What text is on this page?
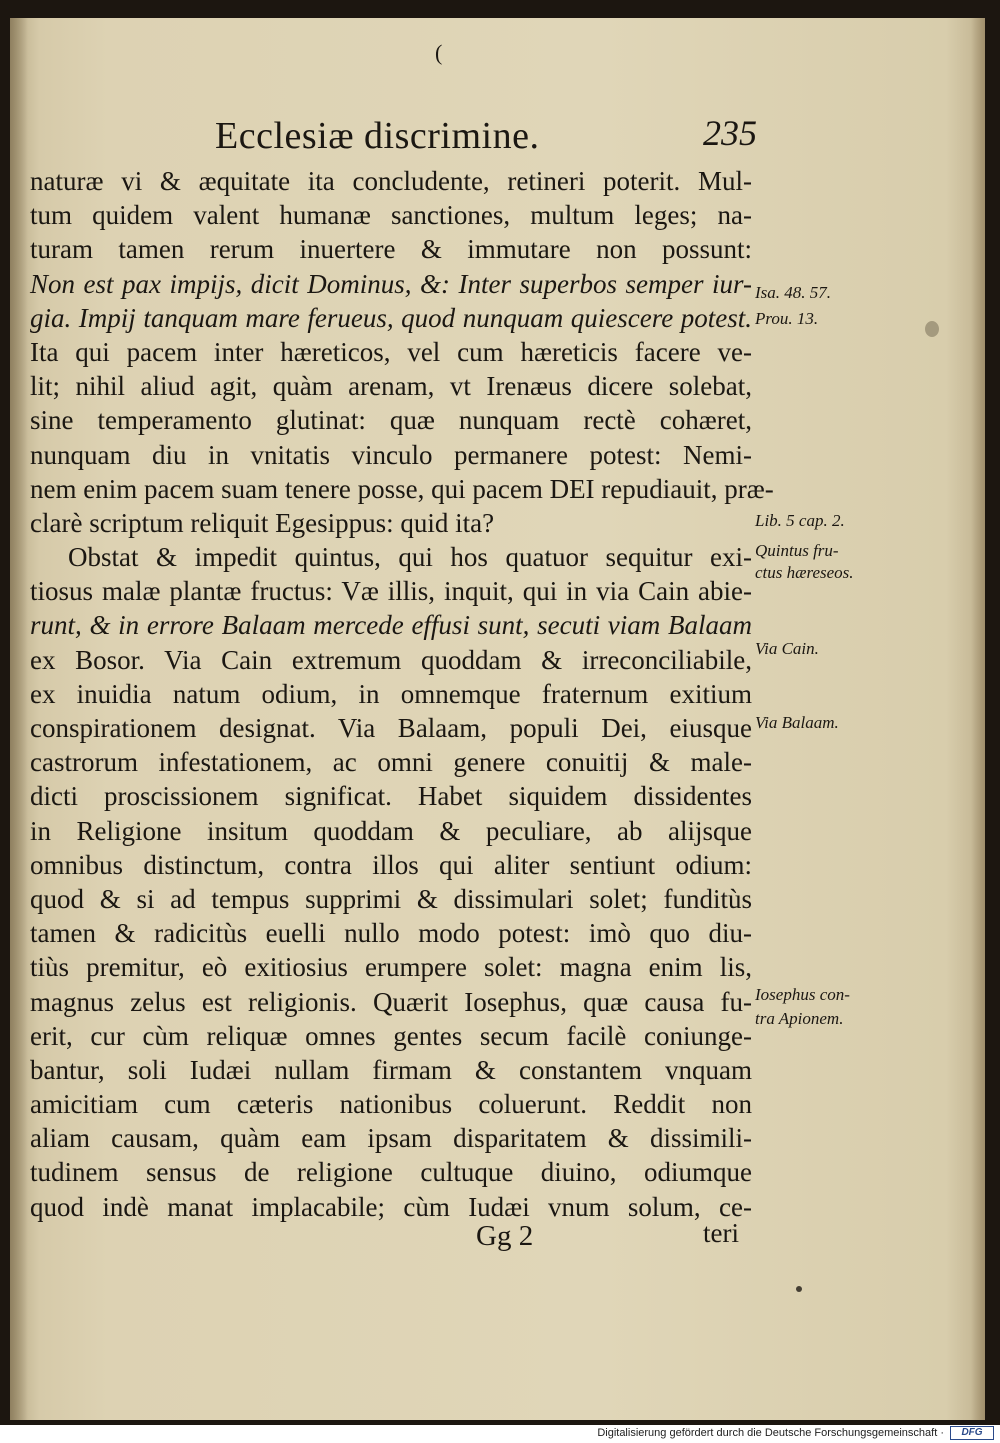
(
Ecclesiæ discrimine.	235
naturæ vi & æquitate ita concludente, retineri poterit. Mul-
tum quidem valent humanæ sanctiones, multum leges; na-
turam tamen rerum inuertere & immutare non possunt:
Non est pax impijs, dicit Dominus, &: Inter superbos semper iur-
gia. Impij tanquam mare ferueus, quod nunquam quiescere potest.
Ita qui pacem inter hæreticos, vel cum hæreticis facere ve-
lit; nihil aliud agit, quàm arenam, vt Irenæus dicere solebat,
sine temperamento glutinat: quæ nunquam rectè cohæret,
nunquam diu in vnitatis vinculo permanere potest: Nemi-
nem enim pacem suam tenere posse, qui pacem DEI repudiauit, præ-
clarè scriptum reliquit Egesippus: quid ita?
Obstat & impedit quintus, qui hos quatuor sequitur exi-
tiosus malæ plantæ fructus: Væ illis, inquit, qui in via Cain abie-
runt, & in errore Balaam mercede effusi sunt, secuti viam Balaam
ex Bosor. Via Cain extremum quoddam & irreconciliabile,
ex inuidia natum odium, in omnemque fraternum exitium
conspirationem designat. Via Balaam, populi Dei, eiusque
castrorum infestationem, ac omni genere conuitij & male-
dicti proscissionem significat. Habet siquidem dissidentes
in Religione insitum quoddam & peculiare, ab alijsque
omnibus distinctum, contra illos qui aliter sentiunt odium:
quod & si ad tempus supprimi & dissimulari solet; funditùs
tamen & radicitùs euelli nullo modo potest: imò quo diu-
tiùs premitur, eò exitiosius erumpere solet: magna enim lis,
magnus zelus est religionis. Quærit Iosephus, quæ causa fu-
erit, cur cùm reliquæ omnes gentes secum facilè coniunge-
bantur, soli Iudæi nullam firmam & constantem vnquam
amicitiam cum cæteris nationibus coluerunt. Reddit non
aliam causam, quàm eam ipsam disparitatem & dissimili-
tudinem sensus de religione cultuque diuino, odiumque
quod indè manat implacabile; cùm Iudæi vnum solum, ce-
Isa. 48. 57.
Prou. 13.
Lib. 5 cap. 2.
Quintus fru-
ctus hæreseos.
Via Cain.
Via Balaam.
Iosephus con-
tra Apionem.
Gg 2	teri
Digitalisierung gefördert durch die Deutsche Forschungsgemeinschaft ·	DFG
